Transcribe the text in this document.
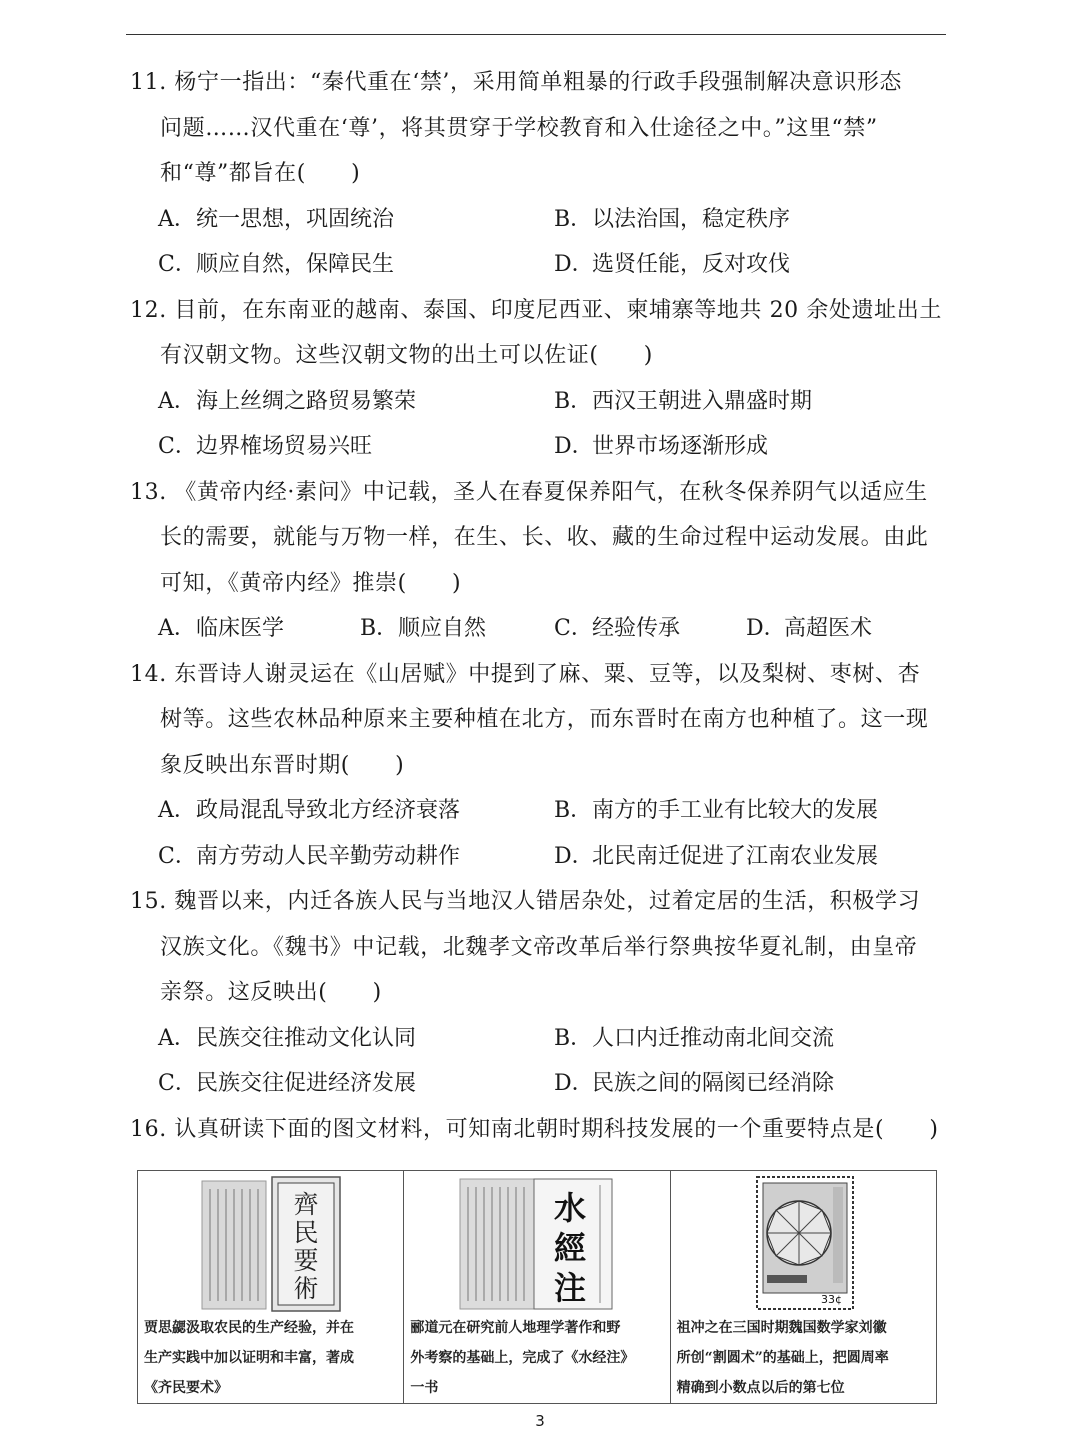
11. 杨宁一指出：“秦代重在‘禁’，采用简单粗暴的行政手段强制解决意识形态
问题……汉代重在‘尊’，将其贯穿于学校教育和入仕途径之中。”这里“禁”
和“尊”都旨在(　　)
A．统一思想，巩固统治	B．以法治国，稳定秩序
C．顺应自然，保障民生	D．选贤任能，反对攻伐
12. 目前，在东南亚的越南、泰国、印度尼西亚、柬埔寨等地共 20 余处遗址出土
有汉朝文物。这些汉朝文物的出土可以佐证(　　)
A．海上丝绸之路贸易繁荣	B．西汉王朝进入鼎盛时期
C．边界榷场贸易兴旺	D．世界市场逐渐形成
13. 《黄帝内经·素问》中记载，圣人在春夏保养阳气，在秋冬保养阴气以适应生
长的需要，就能与万物一样，在生、长、收、藏的生命过程中运动发展。由此
可知，《黄帝内经》推崇(　　)
A．临床医学	B．顺应自然	C．经验传承	D．高超医术
14. 东晋诗人谢灵运在《山居赋》中提到了麻、粟、豆等，以及梨树、枣树、杏
树等。这些农林品种原来主要种植在北方，而东晋时在南方也种植了。这一现
象反映出东晋时期(　　)
A．政局混乱导致北方经济衰落	B．南方的手工业有比较大的发展
C．南方劳动人民辛勤劳动耕作	D．北民南迁促进了江南农业发展
15. 魏晋以来，内迁各族人民与当地汉人错居杂处，过着定居的生活，积极学习
汉族文化。《魏书》中记载，北魏孝文帝改革后举行祭典按华夏礼制，由皇帝
亲祭。这反映出(　　)
A．民族交往推动文化认同	B．人口内迁推动南北间交流
C．民族交往促进经济发展	D．民族之间的隔阂已经消除
16. 认真研读下面的图文材料，可知南北朝时期科技发展的一个重要特点是(　　)
齊
民
要
術
贾思勰汲取农民的生产经验，并在
生产实践中加以证明和丰富，著成
《齐民要术》
水
經
注
郦道元在研究前人地理学著作和野
外考察的基础上，完成了《水经注》
一书
33¢
祖冲之在三国时期魏国数学家刘徽
所创“割圆术”的基础上，把圆周率
精确到小数点以后的第七位
3
